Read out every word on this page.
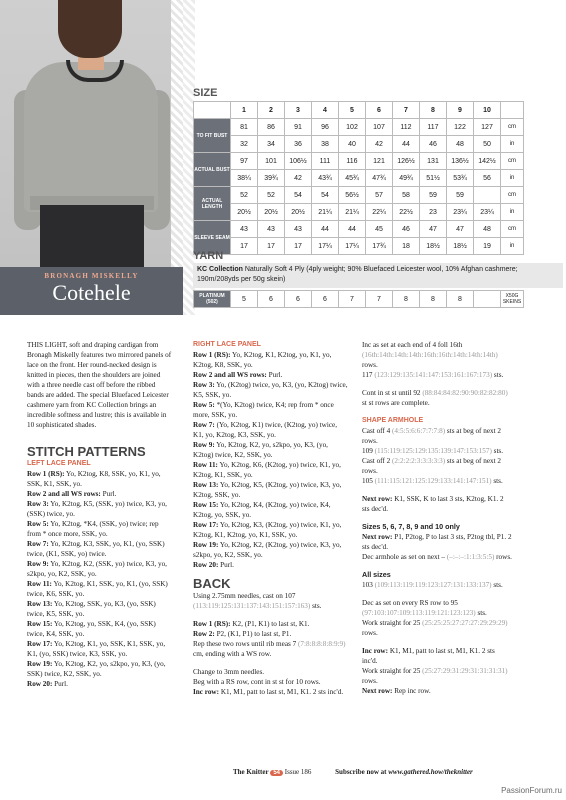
BRONAGH MISKELLY
Cotehele
SIZE
	1	2	3	4	5	6	7	8	9	10	
TO FIT BUST	81	86	91	96	102	107	112	117	122	127	cm
	32	34	36	38	40	42	44	46	48	50	in
ACTUAL BUST	97	101	106½	111	116	121	126½	131	136½	142½	cm
	38¼	39¾	42	43¾	45¾	47¾	49¾	51½	53¾	56	in
ACTUAL LENGTH	52	52	54	54	56½	57	58	59	59		cm
	20½	20½	20½	21¼	21¼	22¼	22½	23	23¼	23¼	in
SLEEVE SEAM	43	43	43	44	44	45	46	47	47	48	cm
	17	17	17	17¼	17¼	17¾	18	18½	18½	19	in
YARN
KC Collection Naturally Soft 4 Ply (4ply weight; 90% Bluefaced Leicester wool, 10% Afghan cashmere; 190m/208yds per 50g skein)
PLATINUM (502)	5	6	6	6	7	7	8	8	8		X50G SKEINS

THIS LIGHT, soft and draping cardigan from Bronagh Miskelly features two mirrored panels of lace on the front. Her round-necked design is knitted in pieces, then the shoulders are joined with a three needle cast off before the ribbed bands are added. The special Bluefaced Leicester cashmere yarn from KC Collection brings an incredible softness and lustre; this is available in 10 sophisticated shades.

STITCH PATTERNS
LEFT LACE PANEL

Row 1 (RS): Yo, K2tog, K8, SSK, yo, K1, yo, SSK, K1, SSK, yo.

Row 2 and all WS rows: Purl.

Row 3: Yo, K2tog, K5, (SSK, yo) twice, K3, yo, (SSK) twice, yo.

Row 5: Yo, K2tog, *K4, (SSK, yo) twice; rep from * once more, SSK, yo.

Row 7: Yo, K2tog, K3, SSK, yo, K1, (yo, SSK) twice, (K1, SSK, yo) twice.

Row 9: Yo, K2tog, K2, (SSK, yo) twice, K3, yo, s2kpo, yo, K2, SSK, yo.

Row 11: Yo, K2tog, K1, SSK, yo, K1, (yo, SSK) twice, K6, SSK, yo.

Row 13: Yo, K2tog, SSK, yo, K3, (yo, SSK) twice, K5, SSK, yo.

Row 15: Yo, K2tog, yo, SSK, K4, (yo, SSK) twice, K4, SSK, yo.

Row 17: Yo, K2tog, K1, yo, SSK, K1, SSK, yo, K1, (yo, SSK) twice, K3, SSK, yo.

Row 19: Yo, K2tog, K2, yo, s2kpo, yo, K3, (yo, SSK) twice, K2, SSK, yo.

Row 20: Purl.

RIGHT LACE PANEL

Row 1 (RS): Yo, K2tog, K1, K2tog, yo, K1, yo, K2tog, K8, SSK, yo.

Row 2 and all WS rows: Purl.

Row 3: Yo, (K2tog) twice, yo, K3, (yo, K2tog) twice, K5, SSK, yo.

Row 5: *(Yo, K2tog) twice, K4; rep from * once more, SSK, yo.

Row 7: (Yo, K2tog, K1) twice, (K2tog, yo) twice, K1, yo, K2tog, K3, SSK, yo.

Row 9: Yo, K2tog, K2, yo, s2kpo, yo, K3, (yo, K2tog) twice, K2, SSK, yo.

Row 11: Yo, K2tog, K6, (K2tog, yo) twice, K1, yo, K2tog, K1, SSK, yo.

Row 13: Yo, K2tog, K5, (K2tog, yo) twice, K3, yo, K2tog, SSK, yo.

Row 15: Yo, K2tog, K4, (K2tog, yo) twice, K4, K2tog, yo, SSK, yo.

Row 17: Yo, K2tog, K3, (K2tog, yo) twice, K1, yo, K2tog, K1, K2tog, yo, K1, SSK, yo.

Row 19: Yo, K2tog, K2, (K2tog, yo) twice, K3, yo, s2kpo, yo, K2, SSK, yo.

Row 20: Purl.

BACK

Using 2.75mm needles, cast on 107 (113:119:125:131:137:143:151:157:163) sts.

Row 1 (RS): K2, (P1, K1) to last st, K1.

Row 2: P2, (K1, P1) to last st, P1.

Rep these two rows until rib meas 7 (7:8:8:8:8:8:9:9) cm, ending with a WS row.

Change to 3mm needles.

Beg with a RS row, cont in st st for 10 rows.

Inc row: K1, M1, patt to last st, M1, K1. 2 sts inc'd.

Inc as set at each end of 4 foll 16th (16th:14th:14th:14th:16th:16th:14th:14th:14th) rows.

117 (123:129:135:141:147:153:161:167:173) sts.

Cont in st st until 92 (88:84:84:82:90:90:82:82:80) st st rows are complete.

SHAPE ARMHOLE

Cast off 4 (4:5:5:6:6:7:7:7:8) sts at beg of next 2 rows.

109 (115:119:125:129:135:139:147:153:157) sts.

Cast off 2 (2:2:2:2:3:3:3:3:3) sts at beg of next 2 rows.

105 (111:115:121:125:129:133:141:147:151) sts.

Next row: K1, SSK, K to last 3 sts, K2tog, K1. 2 sts dec'd.

Sizes 5, 6, 7, 8, 9 and 10 only

Next row: P1, P2tog, P to last 3 sts, P2tog tbl, P1. 2 sts dec'd.

Dec armhole as set on next – (–:–:–:1:1:3:5:5) rows.

All sizes

103 (109:113:119:119:123:127:131:133:137) sts.

Dec as set on every RS row to 95 (97:103:107:109:113:119:121:123:123) sts.

Work straight for 25 (25:25:25:27:27:27:29:29:29) rows.

Inc row: K1, M1, patt to last st, M1, K1. 2 sts inc'd.

Work straight for 25 (25:27:29:31:29:31:31:31:31) rows.

Next row: Rep inc row.

The Knitter 54 Issue 186	Subscribe now at www.gathered.how/theknitter
PassionForum.ru
